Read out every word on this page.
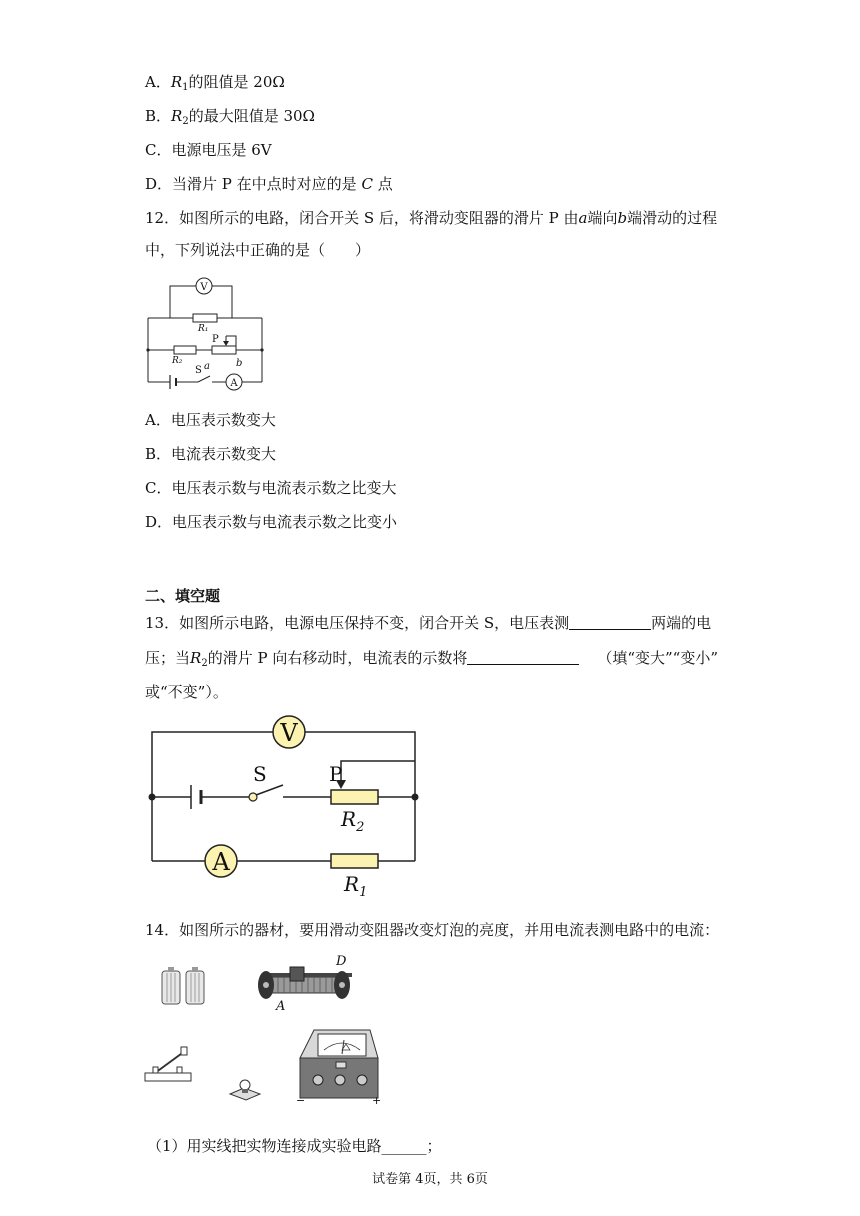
A．$R_1$的阻值是 20Ω
B．$R_2$的最大阻值是 30Ω
C．电源电压是 6V
D．当滑片 P 在中点时对应的是 C 点
12．如图所示的电路，闭合开关 S 后，将滑动变阻器的滑片 P 由a端向b端滑动的过程
中，下列说法中正确的是（　　）
V
R₁
R₂
P
S a	b
A
A．电压表示数变大
B．电流表示数变大
C．电压表示数与电流表示数之比变大
D．电压表示数与电流表示数之比变小
二、填空题
13．如图所示电路，电源电压保持不变，闭合开关 S，电压表测	两端的电
压；当$R_2$的滑片 P 向右移动时，电流表的示数将	（填“变大”“变小”
或“不变”）。
V
S	P
$R_2$
A
$R_1$
14．如图所示的器材，要用滑动变阻器改变灯泡的亮度，并用电流表测电路中的电流：
D
A
−	+
（1）用实线把实物连接成实验电路______；
试卷第 4页，共 6页
